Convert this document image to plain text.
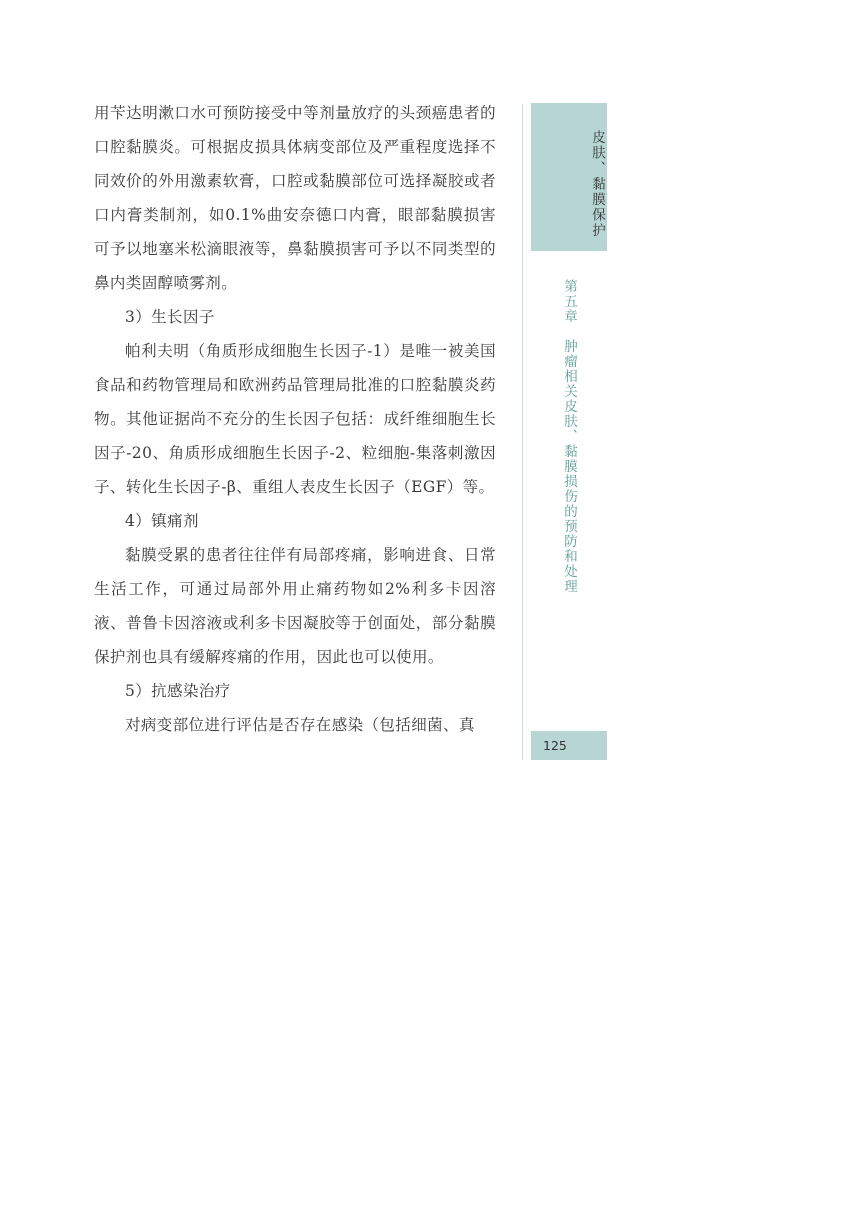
用苄达明漱口水可预防接受中等剂量放疗的头颈癌患者的口腔黏膜炎。可根据皮损具体病变部位及严重程度选择不同效价的外用激素软膏，口腔或黏膜部位可选择凝胶或者口内膏类制剂，如0.1%曲安奈德口内膏，眼部黏膜损害可予以地塞米松滴眼液等，鼻黏膜损害可予以不同类型的鼻内类固醇喷雾剂。

3）生长因子

帕利夫明（角质形成细胞生长因子-1）是唯一被美国食品和药物管理局和欧洲药品管理局批准的口腔黏膜炎药物。其他证据尚不充分的生长因子包括：成纤维细胞生长因子-20、角质形成细胞生长因子-2、粒细胞-集落刺激因子、转化生长因子-β、重组人表皮生长因子（EGF）等。

4）镇痛剂

黏膜受累的患者往往伴有局部疼痛，影响进食、日常生活工作，可通过局部外用止痛药物如2%利多卡因溶液、普鲁卡因溶液或利多卡因凝胶等于创面处，部分黏膜保护剂也具有缓解疼痛的作用，因此也可以使用。

5）抗感染治疗

对病变部位进行评估是否存在感染（包括细菌、真

皮肤、黏膜保护
第五章　肿瘤相关皮肤、黏膜损伤的预防和处理
125
